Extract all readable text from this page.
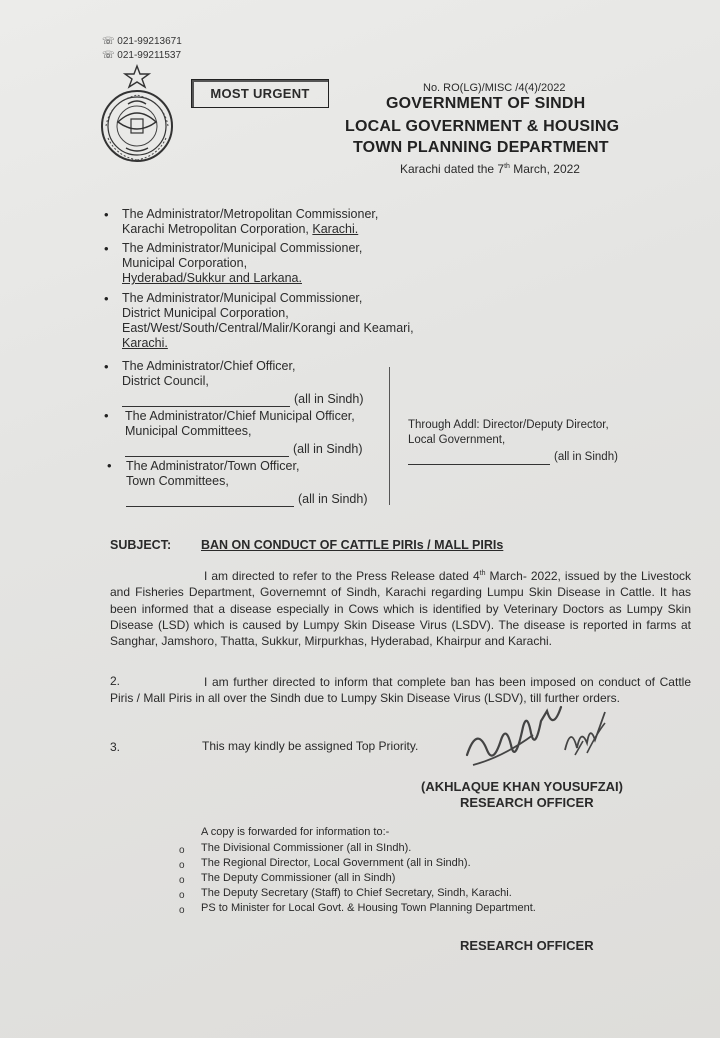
☏ 021-99213671
☏ 021-99211537
MOST URGENT	No. RO(LG)/MISC /4(4)/2022
GOVERNMENT OF SINDH
LOCAL GOVERNMENT & HOUSING
TOWN PLANNING DEPARTMENT
Karachi dated the 7th March, 2022
• The Administrator/Metropolitan Commissioner,
Karachi Metropolitan Corporation, Karachi.
• The Administrator/Municipal Commissioner,
Municipal Corporation,
Hyderabad/Sukkur and Larkana.
• The Administrator/Municipal Commissioner,
District Municipal Corporation,
East/West/South/Central/Malir/Korangi and Keamari,
Karachi.
• The Administrator/Chief Officer,
District Council,
(all in Sindh)
• The Administrator/Chief Municipal Officer,
Municipal Committees,
(all in Sindh)
• The Administrator/Town Officer,
Town Committees,
(all in Sindh)
Through Addl: Director/Deputy Director,
Local Government,
(all in Sindh)
SUBJECT: BAN ON CONDUCT OF CATTLE PIRIs / MALL PIRIs
I am directed to refer to the Press Release dated 4th March- 2022, issued by the Livestock and Fisheries Department, Governemnt of Sindh, Karachi regarding Lumpu Skin Disease in Cattle. It has been informed that a disease especially in Cows which is identified by Veterinary Doctors as Lumpy Skin Disease (LSD) which is caused by Lumpy Skin Disease Virus (LSDV). The disease is reported in farms at Sanghar, Jamshoro, Thatta, Sukkur, Mirpurkhas, Hyderabad, Khairpur and Karachi.
2.	I am further directed to inform that complete ban has been imposed on conduct of Cattle Piris / Mall Piris in all over the Sindh due to Lumpy Skin Disease Virus (LSDV), till further orders.
3.	This may kindly be assigned Top Priority.
(AKHLAQUE KHAN YOUSUFZAI)
RESEARCH OFFICER
A copy is forwarded for information to:-
o The Divisional Commissioner (all in SIndh).
o The Regional Director, Local Government (all in Sindh).
o The Deputy Commissioner (all in Sindh)
o The Deputy Secretary (Staff) to Chief Secretary, Sindh, Karachi.
o PS to Minister for Local Govt. & Housing Town Planning Department.
RESEARCH OFFICER
